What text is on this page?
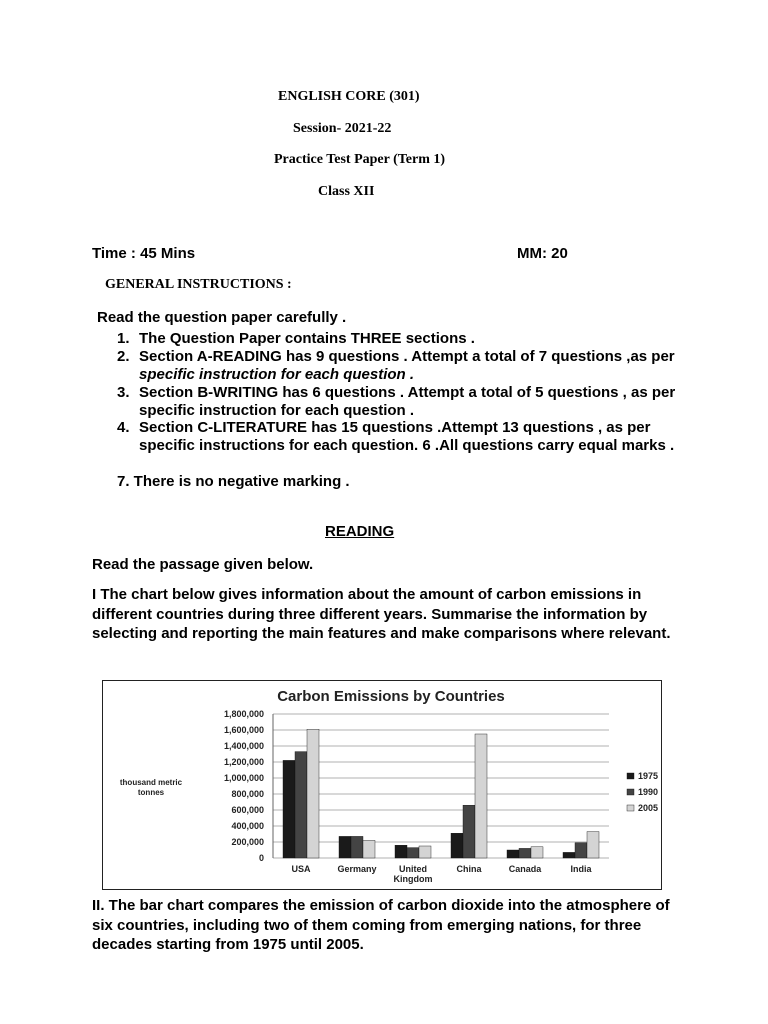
ENGLISH CORE (301)
Session- 2021-22
Practice Test Paper (Term 1)
Class XII
Time : 45 Mins	MM: 20
GENERAL INSTRUCTIONS :
Read the question paper carefully .
1. The Question Paper contains THREE sections .
2. Section A-READING has 9 questions . Attempt a total of 7 questions ,as per specific instruction for each question .
3. Section B-WRITING has 6 questions . Attempt a total of 5 questions , as per specific instruction for each question .
4. Section C-LITERATURE has 15 questions .Attempt 13 questions , as per specific instructions for each question. 6 .All questions carry equal marks .
7. There is no negative marking .
READING
Read the passage given below.
I The chart below gives information about the amount of carbon emissions in different countries during three different years. Summarise the information by selecting and reporting the main features and make comparisons where relevant.
Carbon Emissions by Countries
thousand metric
tonnes
1,800,000
1,600,000
1,400,000
1,200,000
1,000,000
800,000
600,000
400,000
200,000
0
USA	Germany United
Kingdom
China	Canada	India
1975
1990
2005
II. The bar chart compares the emission of carbon dioxide into the atmosphere of six countries, including two of them coming from emerging nations, for three decades starting from 1975 until 2005.
